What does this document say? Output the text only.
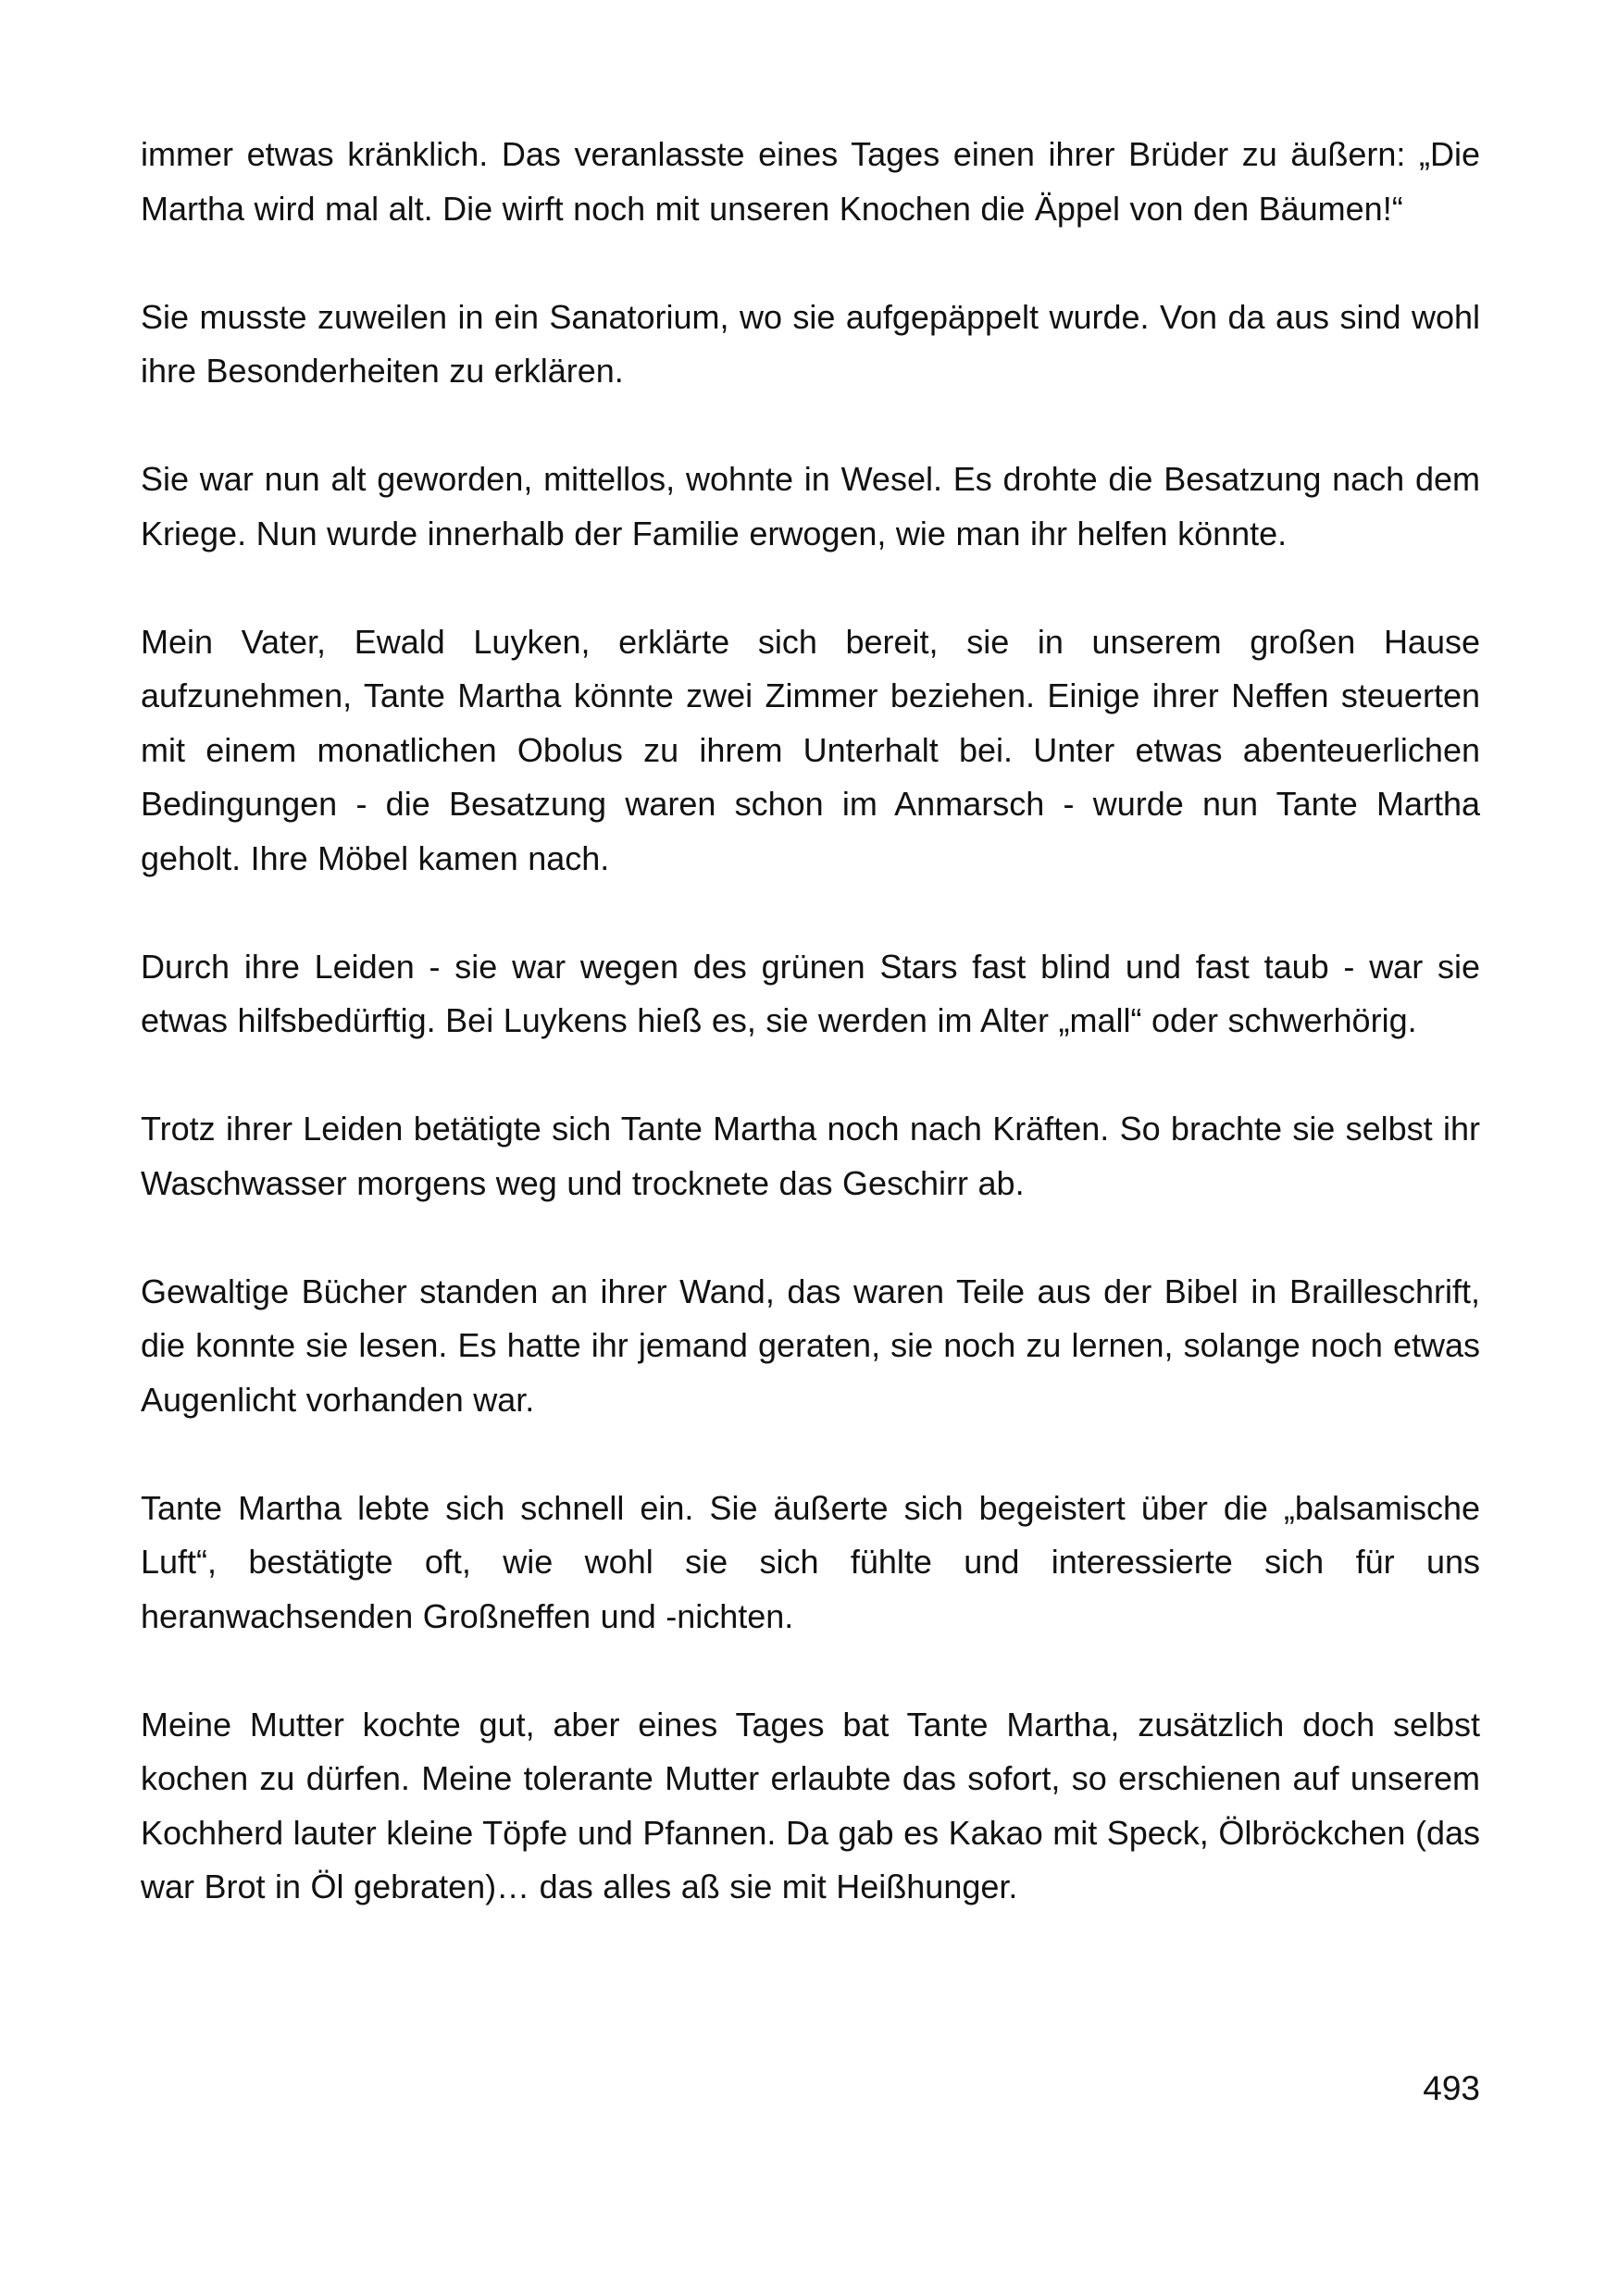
immer etwas kränklich. Das veranlasste eines Tages einen ihrer Brüder zu äußern: „Die Martha wird mal alt. Die wirft noch mit unseren Knochen die Äppel von den Bäumen!“

Sie musste zuweilen in ein Sanatorium, wo sie aufgepäppelt wurde. Von da aus sind wohl ihre Besonderheiten zu erklären.

Sie war nun alt geworden, mittellos, wohnte in Wesel. Es drohte die Besatzung nach dem Kriege. Nun wurde innerhalb der Familie erwogen, wie man ihr helfen könnte.

Mein Vater, Ewald Luyken, erklärte sich bereit, sie in unserem großen Hause aufzunehmen, Tante Martha könnte zwei Zimmer beziehen. Einige ihrer Neffen steuerten mit einem monatlichen Obolus zu ihrem Unterhalt bei. Unter etwas abenteuerlichen Bedingungen - die Besatzung waren schon im Anmarsch - wurde nun Tante Martha geholt. Ihre Möbel kamen nach.

Durch ihre Leiden - sie war wegen des grünen Stars fast blind und fast taub - war sie etwas hilfsbedürftig. Bei Luykens hieß es, sie werden im Alter „mall“ oder schwerhörig.

Trotz ihrer Leiden betätigte sich Tante Martha noch nach Kräften. So brachte sie selbst ihr Waschwasser morgens weg und trocknete das Geschirr ab.

Gewaltige Bücher standen an ihrer Wand, das waren Teile aus der Bibel in Brailleschrift, die konnte sie lesen. Es hatte ihr jemand geraten, sie noch zu lernen, solange noch etwas Augenlicht vorhanden war.

Tante Martha lebte sich schnell ein. Sie äußerte sich begeistert über die „balsamische Luft“, bestätigte oft, wie wohl sie sich fühlte und interessierte sich für uns heranwachsenden Großneffen und -nichten.

Meine Mutter kochte gut, aber eines Tages bat Tante Martha, zusätzlich doch selbst kochen zu dürfen. Meine tolerante Mutter erlaubte das sofort, so erschienen auf unserem Kochherd lauter kleine Töpfe und Pfannen. Da gab es Kakao mit Speck, Ölbröckchen (das war Brot in Öl gebraten)… das alles aß sie mit Heißhunger.

493
